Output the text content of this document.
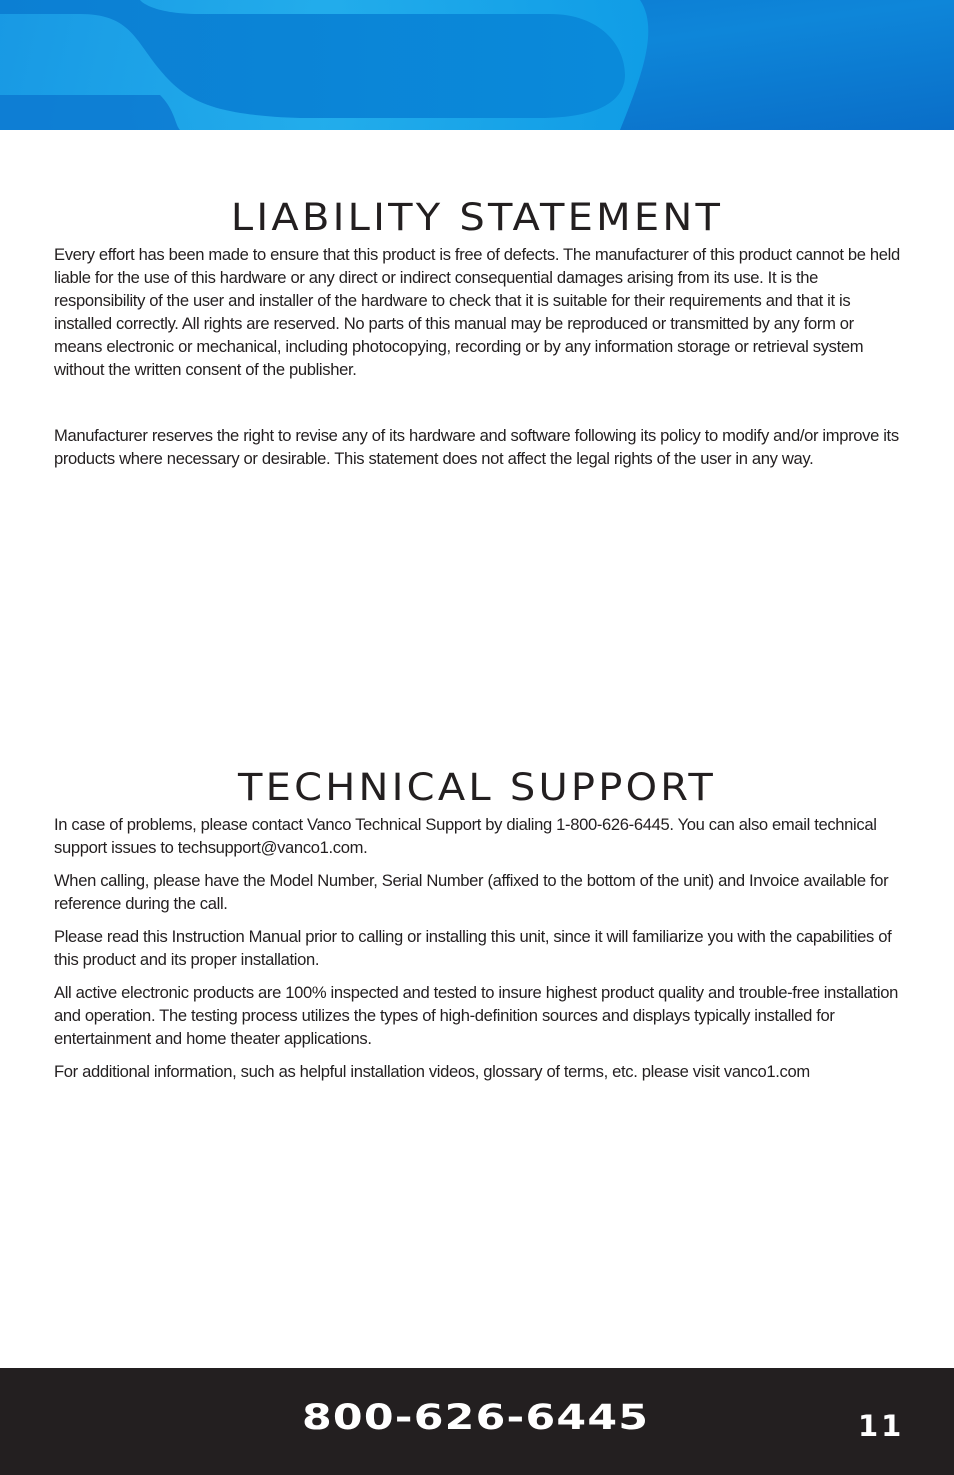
LIABILITY STATEMENT

Every effort has been made to ensure that this product is free of defects. The manufacturer of this product cannot be held liable for the use of this hardware or any direct or indirect consequential damages arising from its use. It is the responsibility of the user and installer of the hardware to check that it is suitable for their requirements and that it is installed correctly. All rights are reserved. No parts of this manual may be reproduced or transmitted by any form or means electronic or mechanical, including photocopying, recording or by any information storage or retrieval system without the written consent of the publisher.

Manufacturer reserves the right to revise any of its hardware and software following its policy to modify and/or improve its products where necessary or desirable. This statement does not affect the legal rights of the user in any way.

TECHNICAL SUPPORT

In case of problems, please contact Vanco Technical Support by dialing 1-800-626-6445. You can also email technical support issues to techsupport@vanco1.com.

When calling, please have the Model Number, Serial Number (affixed to the bottom of the unit) and Invoice available for reference during the call.

Please read this Instruction Manual prior to calling or installing this unit, since it will familiarize you with the capabilities of this product and its proper installation.

All active electronic products are 100% inspected and tested to insure highest product quality and trouble-free installation and operation. The testing process utilizes the types of high-definition sources and displays typically installed for entertainment and home theater applications.

For additional information, such as helpful installation videos, glossary of terms, etc. please visit vanco1.com

800-626-6445	11
